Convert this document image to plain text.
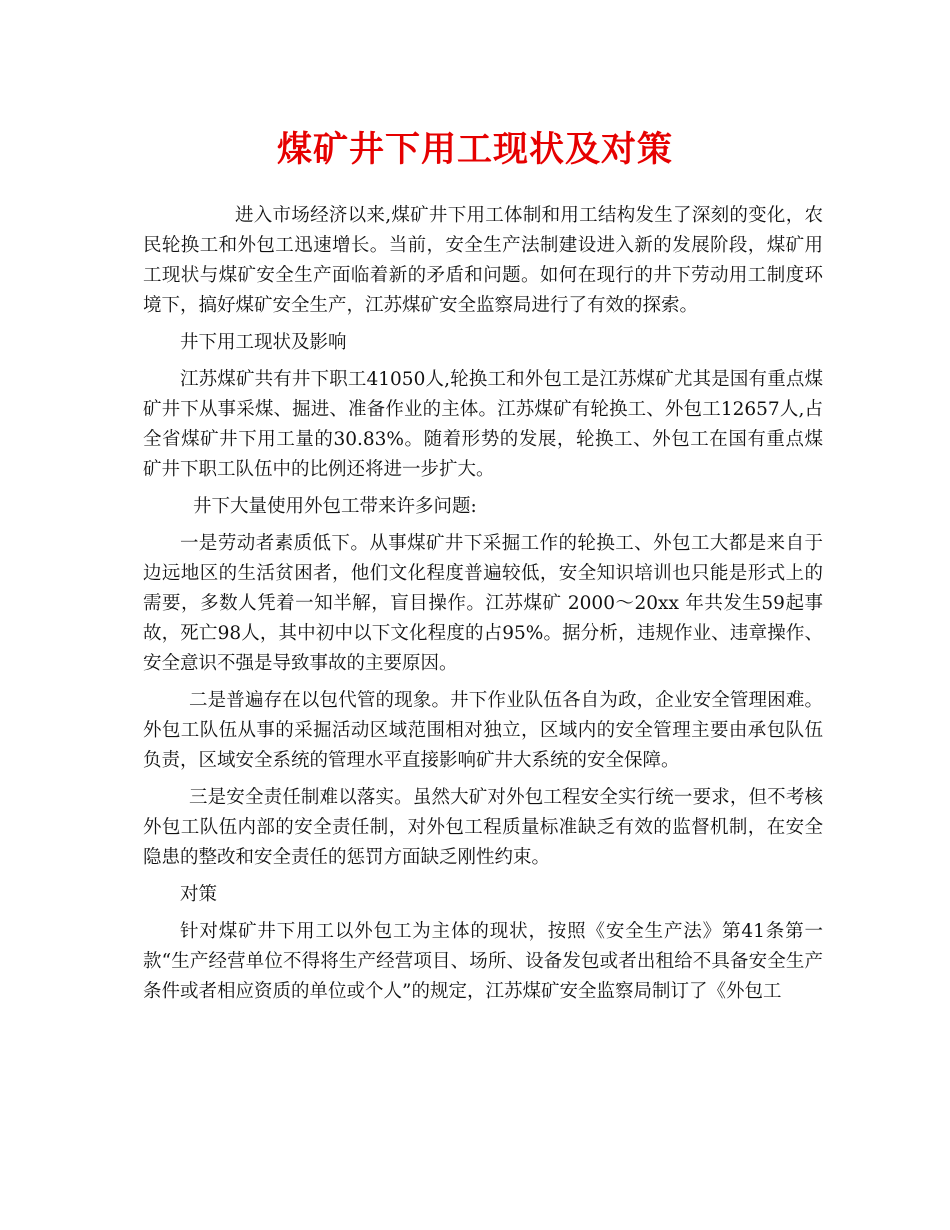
煤矿井下用工现状及对策

进入市场经济以来,煤矿井下用工体制和用工结构发生了深刻的变化，农民轮换工和外包工迅速增长。当前，安全生产法制建设进入新的发展阶段，煤矿用工现状与煤矿安全生产面临着新的矛盾和问题。如何在现行的井下劳动用工制度环境下，搞好煤矿安全生产，江苏煤矿安全监察局进行了有效的探索。

井下用工现状及影响

江苏煤矿共有井下职工41050人,轮换工和外包工是江苏煤矿尤其是国有重点煤矿井下从事采煤、掘进、准备作业的主体。江苏煤矿有轮换工、外包工12657人,占全省煤矿井下用工量的30.83%。随着形势的发展，轮换工、外包工在国有重点煤矿井下职工队伍中的比例还将进一步扩大。

井下大量使用外包工带来许多问题:

一是劳动者素质低下。从事煤矿井下采掘工作的轮换工、外包工大都是来自于边远地区的生活贫困者，他们文化程度普遍较低，安全知识培训也只能是形式上的需要，多数人凭着一知半解，盲目操作。江苏煤矿 2000～20xx 年共发生59起事故，死亡98人，其中初中以下文化程度的占95%。据分析，违规作业、违章操作、安全意识不强是导致事故的主要原因。

二是普遍存在以包代管的现象。井下作业队伍各自为政，企业安全管理困难。外包工队伍从事的采掘活动区域范围相对独立，区域内的安全管理主要由承包队伍负责，区域安全系统的管理水平直接影响矿井大系统的安全保障。

三是安全责任制难以落实。虽然大矿对外包工程安全实行统一要求，但不考核外包工队伍内部的安全责任制，对外包工程质量标准缺乏有效的监督机制，在安全隐患的整改和安全责任的惩罚方面缺乏刚性约束。

对策

针对煤矿井下用工以外包工为主体的现状，按照《安全生产法》第41条第一款“生产经营单位不得将生产经营项目、场所、设备发包或者出租给不具备安全生产条件或者相应资质的单位或个人”的规定，江苏煤矿安全监察局制订了《外包工
